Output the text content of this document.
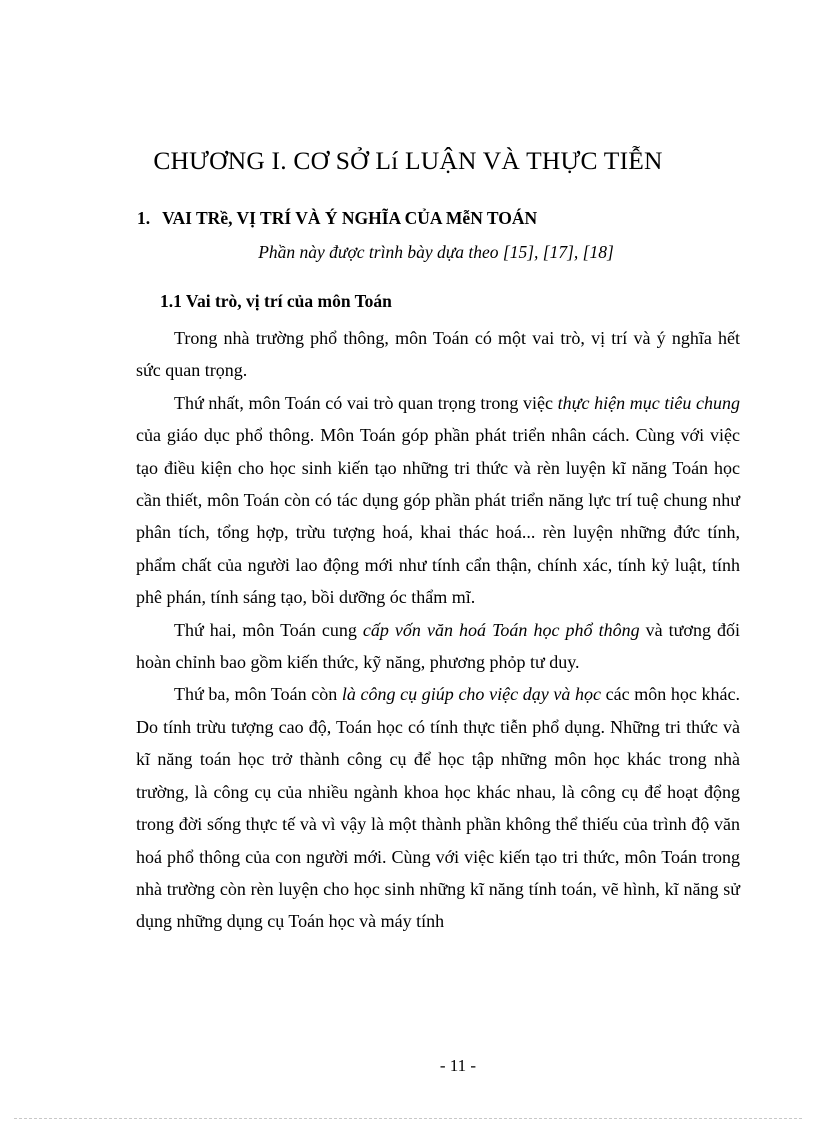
CHƯƠNG I. CƠ SỞ Lí LUẬN VÀ THỰC TIỄN
1. VAI TRề, VỊ TRÍ VÀ Ý NGHĨA CỦA MễN TOÁN
Phần này được trình bày dựa theo [15], [17], [18]
1.1 Vai trò, vị trí của môn Toán

Trong nhà trường phổ thông, môn Toán có một vai trò, vị trí và ý nghĩa hết sức quan trọng.

Thứ nhất, môn Toán có vai trò quan trọng trong việc thực hiện mục tiêu chung của giáo dục phổ thông. Môn Toán góp phần phát triển nhân cách. Cùng với việc tạo điều kiện cho học sinh kiến tạo những tri thức và rèn luyện kĩ năng Toán học cần thiết, môn Toán còn có tác dụng góp phần phát triển năng lực trí tuệ chung như phân tích, tổng hợp, trừu tượng hoá, khai thác hoá... rèn luyện những đức tính, phẩm chất của người lao động mới như tính cẩn thận, chính xác, tính kỷ luật, tính phê phán, tính sáng tạo, bồi dưỡng óc thẩm mĩ.

Thứ hai, môn Toán cung cấp vốn văn hoá Toán học phổ thông và tương đối hoàn chỉnh bao gồm kiến thức, kỹ năng, phương phỏp tư duy.

Thứ ba, môn Toán còn là công cụ giúp cho việc dạy và học các môn học khác. Do tính trừu tượng cao độ, Toán học có tính thực tiễn phổ dụng. Những tri thức và kĩ năng toán học trở thành công cụ để học tập những môn học khác trong nhà trường, là công cụ của nhiều ngành khoa học khác nhau, là công cụ để hoạt động trong đời sống thực tế và vì vậy là một thành phần không thể thiếu của trình độ văn hoá phổ thông của con người mới. Cùng với việc kiến tạo tri thức, môn Toán trong nhà trường còn rèn luyện cho học sinh những kĩ năng tính toán, vẽ hình, kĩ năng sử dụng những dụng cụ Toán học và máy tính

- 11 -
